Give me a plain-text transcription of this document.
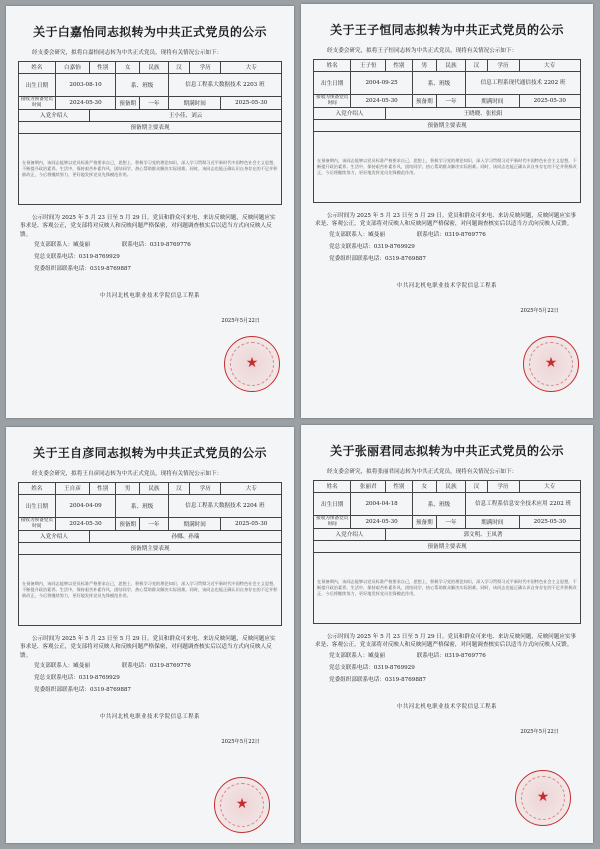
关于白嘉怡同志拟转为中共正式党员的公示
经支委会研究，拟将白嘉怡同志转为中共正式党员，现将有关情况公示如下：
姓名	白嘉怡	性别	女	民族	汉	学历	大专
出生日期	2003-08-10		系、班级		信息工程系大数据技术 2203 班		
接收为预备党员时间	2024-05-30		预备期	一年	期满时间		2025-05-30
入党介绍人		王小佳、刘云					
预备期主要表现							
在预备期内，该同志能够以党员标准严格要求自己，思想上、积极学习党的理论知识，深入学习贯彻习近平新时代中国特色社会主义思想，不断提升政治素养。生活中，保持艰苦朴素作风，团结同学，热心帮助群众解决实际困难。同时，该同志也能正确认识自身存在的不足并积极改正，今后将继续努力，更好地发挥党员先锋模范作用。							
公示时间为 2025 年 5 月 23 日至 5 月 29 日。党员和群众可来电、来访反映问题，反映问题应实事求是、客观公正，党支部将对反映人和反映问题严格保密，对问题调查核实后以适当方式向反映人反馈。
党支部联系人：臧曼丽	联系电话：0319-8769776
党总支联系电话：0319-8769929
党委组织部联系电话：0319-8769887
中共河北机电职业技术学院信息工程系
2025年5月22日
★
关于王子恒同志拟转为中共正式党员的公示
经支委会研究，拟将王子恒同志转为中共正式党员，现将有关情况公示如下：
姓名	王子恒	性别	男	民族	汉	学历	大专
出生日期	2004-09-25		系、班级		信息工程系现代通信技术 2202 班		
接收为预备党员时间	2024-05-30		预备期	一年	期满时间		2025-05-30
入党介绍人		王晓晓、张松阳					
预备期主要表现							
在预备期内，该同志能够以党员标准严格要求自己，思想上、积极学习党的理论知识，深入学习贯彻习近平新时代中国特色社会主义思想，不断提升政治素养。生活中，保持艰苦朴素作风，团结同学，热心帮助群众解决实际困难。同时，该同志也能正确认识自身存在的不足并积极改正，今后将继续努力，更好地发挥党员先锋模范作用。							
公示时间为 2025 年 5 月 23 日至 5 月 29 日。党员和群众可来电、来访反映问题，反映问题应实事求是、客观公正，党支部将对反映人和反映问题严格保密，对问题调查核实后以适当方式向反映人反馈。
党支部联系人：臧曼丽	联系电话：0319-8769776
党总支联系电话：0319-8769929
党委组织部联系电话：0319-8769887
中共河北机电职业技术学院信息工程系
2025年5月22日
★
关于王自彦同志拟转为中共正式党员的公示
经支委会研究，拟将王自彦同志转为中共正式党员，现将有关情况公示如下：
姓名	王自彦	性别	男	民族	汉	学历	大专
出生日期	2004-04-09		系、班级		信息工程系大数据技术 2204 班		
接收为预备党员时间	2024-05-30		预备期	一年	期满时间		2025-05-30
入党介绍人		孙娜、孙瑞					
预备期主要表现							
在预备期内，该同志能够以党员标准严格要求自己，思想上、积极学习党的理论知识，深入学习贯彻习近平新时代中国特色社会主义思想，不断提升政治素养。生活中，保持艰苦朴素作风，团结同学，热心帮助群众解决实际困难。同时，该同志也能正确认识自身存在的不足并积极改正，今后将继续努力，更好地发挥党员先锋模范作用。							
公示时间为 2025 年 5 月 23 日至 5 月 29 日。党员和群众可来电、来访反映问题，反映问题应实事求是、客观公正，党支部将对反映人和反映问题严格保密，对问题调查核实后以适当方式向反映人反馈。
党支部联系人：臧曼丽	联系电话：0319-8769776
党总支联系电话：0319-8769929
党委组织部联系电话：0319-8769887
中共河北机电职业技术学院信息工程系
2025年5月22日
★
关于张丽君同志拟转为中共正式党员的公示
经支委会研究，拟将张丽君同志转为中共正式党员，现将有关情况公示如下：
姓名	张丽君	性别	女	民族	汉	学历	大专
出生日期	2004-04-18		系、班级		信息工程系信息安全技术应用 2202 班		
接收为预备党员时间	2024-05-30		预备期	一年	期满时间		2025-05-30
入党介绍人		郭文明、王凤著					
预备期主要表现							
在预备期内，该同志能够以党员标准严格要求自己，思想上、积极学习党的理论知识，深入学习贯彻习近平新时代中国特色社会主义思想，不断提升政治素养。生活中，保持艰苦朴素作风，团结同学，热心帮助群众解决实际困难。同时，该同志也能正确认识自身存在的不足并积极改正，今后将继续努力，更好地发挥党员先锋模范作用。							
公示时间为 2025 年 5 月 23 日至 5 月 29 日。党员和群众可来电、来访反映问题，反映问题应实事求是、客观公正，党支部将对反映人和反映问题严格保密，对问题调查核实后以适当方式向反映人反馈。
党支部联系人：臧曼丽	联系电话：0319-8769776
党总支联系电话：0319-8769929
党委组织部联系电话：0319-8769887
中共河北机电职业技术学院信息工程系
2025年5月22日
★
